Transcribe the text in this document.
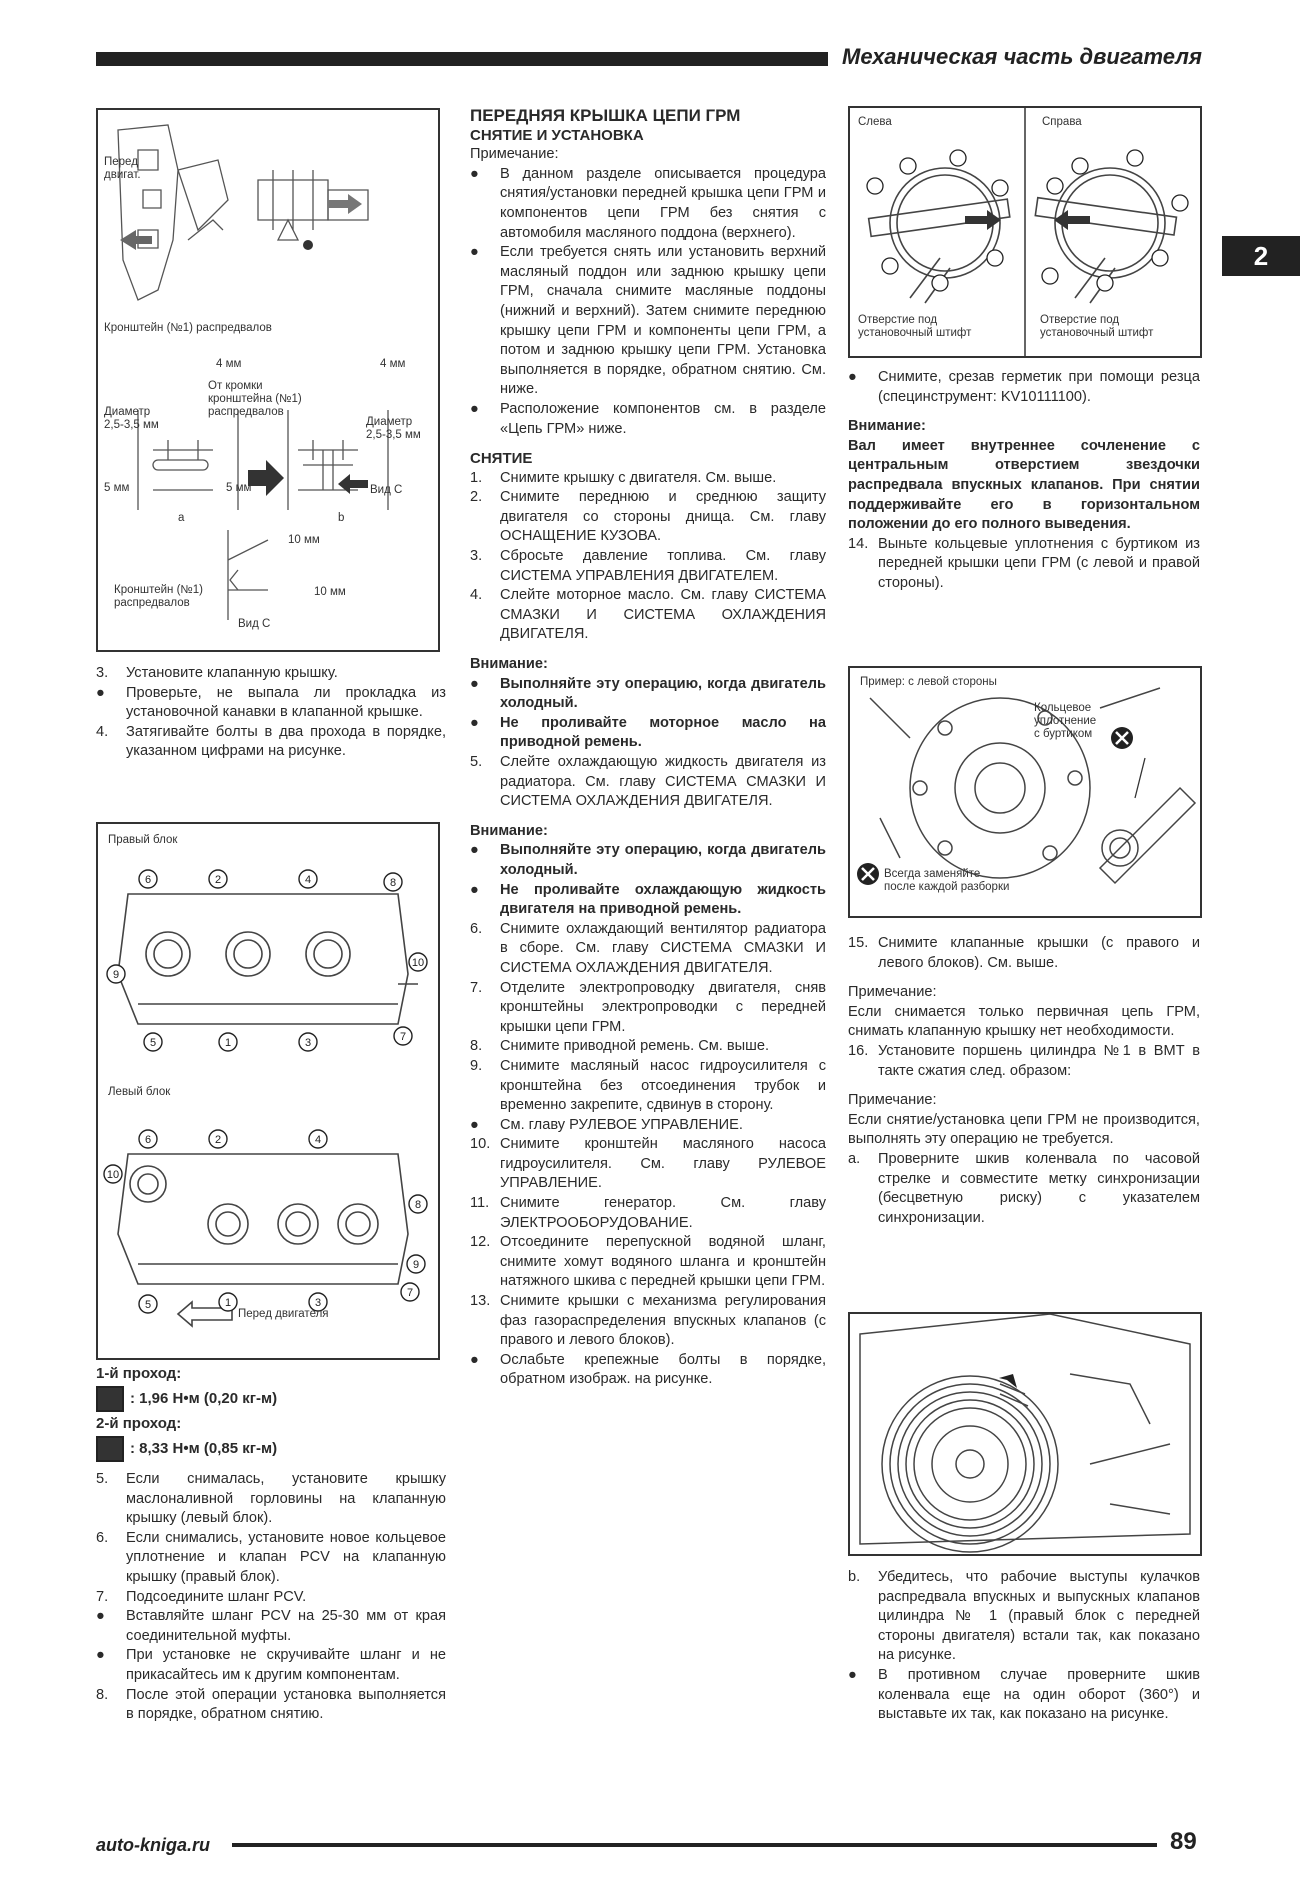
Механическая часть двигателя
2
Перед
двигат.
Кронштейн (№1) распредвалов
4 мм	4 мм
От кромки
кронштейна (№1)
распредвалов
Диаметр
2,5-3,5 мм	Диаметр
2,5-3,5 мм
5 мм	5 мм	Вид C
a	b
10 мм
10 мм
Кронштейн (№1)
распредвалов
Вид C
3.	Установите клапанную крышку.
●	Проверьте, не выпала ли прокладка из установочной канавки в клапанной крышке.
4.	Затягивайте болты в два прохода в порядке, указанном цифрами на рисунке.
6	2	4	8
9
10
5	1	3	7
6	2	4
10
8
9
5	1	3
7
Правый блок
Левый блок
Перед двигателя

1-й проход:

: 1,96 Н•м (0,20 кг-м)

2-й проход:

: 8,33 Н•м (0,85 кг-м)

5.	Если снималась, установите крышку маслоналивной горловины на клапанную крышку (левый блок).
6.	Если снимались, установите новое кольцевое уплотнение и клапан PCV на клапанную крышку (правый блок).
7.	Подсоедините шланг PCV.
●	Вставляйте шланг PCV на 25-30 мм от края соединительной муфты.
●	При установке не скручивайте шланг и не прикасайтесь им к другим компонентам.
8.	После этой операции установка выполняется в порядке, обратном снятию.

ПЕРЕДНЯЯ КРЫШКА ЦЕПИ ГРМ

СНЯТИЕ И УСТАНОВКА

Примечание:

●	В данном разделе описывается процедура снятия/установки передней крышка цепи ГРМ и компонентов цепи ГРМ без снятия с автомобиля масляного поддона (верхнего).
●	Если требуется снять или установить верхний масляный поддон или заднюю крышку цепи ГРМ, сначала снимите масляные поддоны (нижний и верхний). Затем снимите переднюю крышку цепи ГРМ и компоненты цепи ГРМ, а потом и заднюю крышку цепи ГРМ. Установка выполняется в порядке, обратном снятию. См. ниже.
●	Расположение компонентов см. в разделе «Цепь ГРМ» ниже.

СНЯТИЕ

1.	Снимите крышку с двигателя. См. выше.
2.	Снимите переднюю и среднюю защиту двигателя со стороны днища. См. главу ОСНАЩЕНИЕ КУЗОВА.
3.	Сбросьте давление топлива. См. главу СИСТЕМА УПРАВЛЕНИЯ ДВИГАТЕЛЕМ.
4.	Слейте моторное масло. См. главу СИСТЕМА СМАЗКИ И СИСТЕМА ОХЛАЖДЕНИЯ ДВИГАТЕЛЯ.

Внимание:

●	Выполняйте эту операцию, когда двигатель холодный.
●	Не проливайте моторное масло на приводной ремень.
5.	Слейте охлаждающую жидкость двигателя из радиатора. См. главу СИСТЕМА СМАЗКИ И СИСТЕМА ОХЛАЖДЕНИЯ ДВИГАТЕЛЯ.

Внимание:

●	Выполняйте эту операцию, когда двигатель холодный.
●	Не проливайте охлаждающую жидкость двигателя на приводной ремень.
6.	Снимите охлаждающий вентилятор радиатора в сборе. См. главу СИСТЕМА СМАЗКИ И СИСТЕМА ОХЛАЖДЕНИЯ ДВИГАТЕЛЯ.
7.	Отделите электропроводку двигателя, сняв кронштейны электропроводки с передней крышки цепи ГРМ.
8.	Снимите приводной ремень. См. выше.
9.	Снимите масляный насос гидроусилителя с кронштейна без отсоединения трубок и временно закрепите, сдвинув в сторону.
●	См. главу РУЛЕВОЕ УПРАВЛЕНИЕ.
10. Снимите кронштейн масляного насоса гидроусилителя. См. главу РУЛЕВОЕ УПРАВЛЕНИЕ.
11. Снимите генератор. См. главу ЭЛЕКТРООБОРУДОВАНИЕ.
12. Отсоедините перепускной водяной шланг, снимите хомут водяного шланга и кронштейн натяжного шкива с передней крышки цепи ГРМ.
13. Снимите крышки с механизма регулирования фаз газораспределения впускных клапанов (с правого и левого блоков).
●	Ослабьте крепежные болты в порядке, обратном изображ. на рисунке.
Слева	Справа
Отверстие под
установочный штифт
Отверстие под
установочный штифт
●	Снимите, срезав герметик при помощи резца (специнструмент: KV10111100).

Внимание:

Вал имеет внутреннее сочленение с центральным отверстием звездочки распредвала впускных клапанов. При снятии поддерживайте его в горизонтальном положении до его полного выведения.

14. Выньте кольцевые уплотнения с буртиком из передней крышки цепи ГРМ (с левой и правой стороны).
Пример: с левой стороны
Кольцевое
уплотнение
с буртиком
Всегда заменяйте
после каждой разборки
15. Снимите клапанные крышки (с правого и левого блоков). См. выше.

Примечание:

Если снимается только первичная цепь ГРМ, снимать клапанную крышку нет необходимости.

16. Установите поршень цилиндра №1 в ВМТ в такте сжатия след. образом:

Примечание:

Если снятие/установка цепи ГРМ не производится, выполнять эту операцию не требуется.

a.	Проверните шкив коленвала по часовой стрелке и совместите метку синхронизации (бесцветную риску) с указателем синхронизации.
b.	Убедитесь, что рабочие выступы кулачков распредвала впускных и выпускных клапанов цилиндра № 1 (правый блок с передней стороны двигателя) встали так, как показано на рисунке.
●	В противном случае проверните шкив коленвала еще на один оборот (360°) и выставьте их так, как показано на рисунке.
auto-kniga.ru	89
